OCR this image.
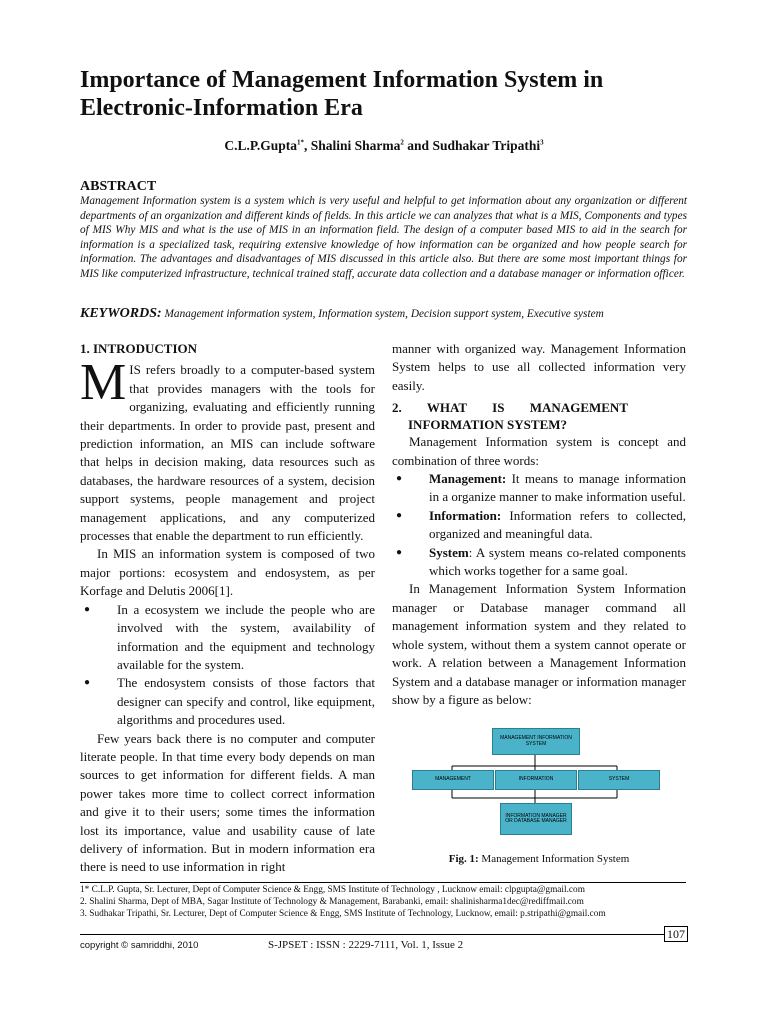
Importance of Management Information System in Electronic-Information Era
C.L.P.Gupta$^{1*}$, Shalini Sharma$^2$ and Sudhakar Tripathi$^3$
ABSTRACT
Management Information system is a system which is very useful and helpful to get information about any organization or different departments of an organization and different kinds of fields. In this article we can analyzes that what is a MIS, Components and types of MIS Why MIS and what is the use of MIS in an information field. The design of a computer based MIS to aid in the search for information is a specialized task, requiring extensive knowledge of how information can be organized and how people search for information. The advantages and disadvantages of MIS discussed in this article also. But there are some most important things for MIS like computerized infrastructure, technical trained staff, accurate data collection and a database manager or information officer.
KEYWORDS: Management information system, Information system, Decision support system, Executive system
1. INTRODUCTION

MIS refers broadly to a computer-based system that provides managers with the tools for organizing, evaluating and efficiently running their departments. In order to provide past, present and prediction information, an MIS can include software that helps in decision making, data resources such as databases, the hardware resources of a system, decision support systems, people management and project management applications, and any computerized processes that enable the department to run efficiently.

In MIS an information system is composed of two major portions: ecosystem and endosystem, as per Korfage and Delutis 2006[1].

● In a ecosystem we include the people who are involved with the system, availability of information and the equipment and technology available for the system.

● The endosystem consists of those factors that designer can specify and control, like equipment, algorithms and procedures used.

Few years back there is no computer and computer literate people. In that time every body depends on man sources to get information for different fields. A man power takes more time to collect correct information and give it to their users; some times the information lost its importance, value and usability cause of late delivery of information. But in modern information era there is need to use information in right

manner with organized way. Management Information System helps to use all collected information very easily.

2. WHAT IS MANAGEMENT INFORMATION SYSTEM?

Management Information system is concept and combination of three words:

● Management: It means to manage information in a organize manner to make information useful.

● Information: Information refers to collected, organized and meaningful data.

● System: A system means co-related components which works together for a same goal.

In Management Information System Information manager or Database manager command all management information system and they related to whole system, without them a system cannot operate or work. A relation between a Management Information System and a database manager or information manager show by a figure as below:

MANAGEMENT INFORMATION SYSTEM
MANAGEMENT	INFORMATION	SYSTEM
INFORMATION MANAGER OR DATABASE MANAGER
Fig. 1: Management Information System
1* C.L.P. Gupta, Sr. Lecturer, Dept of Computer Science & Engg, SMS Institute of Technology , Lucknow email: clpgupta@gmail.com
2. Shalini Sharma, Dept of MBA, Sagar Institute of Technology & Management, Barabanki, email: shalinisharma1dec@rediffmail.com
3. Sudhakar Tripathi, Sr. Lecturer, Dept of Computer Science & Engg, SMS Institute of Technology, Lucknow, email: p.stripathi@gmail.com
107
copyright © samriddhi, 2010	S-JPSET : ISSN : 2229-7111, Vol. 1, Issue 2
